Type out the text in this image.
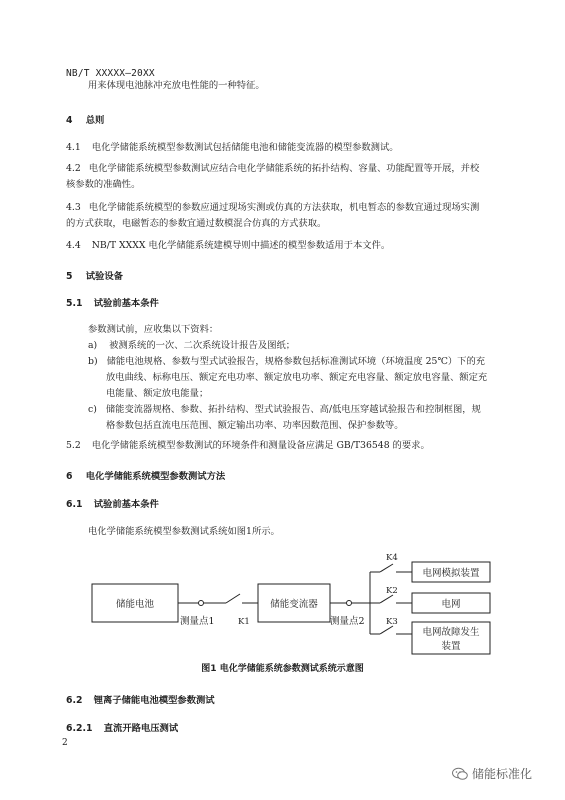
NB/T XXXXX—20XX
用来体现电池脉冲充放电性能的一种特征。
4 总则
4.1 电化学储能系统模型参数测试包括储能电池和储能变流器的模型参数测试。
4.2 电化学储能系统模型参数测试应结合电化学储能系统的拓扑结构、容量、功能配置等开展，并校
核参数的准确性。
4.3 电化学储能系统模型的参数应通过现场实测或仿真的方法获取，机电暂态的参数宜通过现场实测
的方式获取，电磁暂态的参数宜通过数模混合仿真的方式获取。
4.4 NB/T XXXX 电化学储能系统建模导则中描述的模型参数适用于本文件。
5 试验设备
5.1 试验前基本条件
参数测试前，应收集以下资料：
a) 被测系统的一次、二次系统设计报告及图纸；
b) 储能电池规格、参数与型式试验报告，规格参数包括标准测试环境（环境温度 25℃）下的充
放电曲线、标称电压、额定充电功率、额定放电功率、额定充电容量、额定放电容量、额定充
电能量、额定放电能量；
c) 储能变流器规格、参数、拓扑结构、型式试验报告、高/低电压穿越试验报告和控制框图，规
格参数包括直流电压范围、额定输出功率、功率因数范围、保护参数等。
5.2 电化学储能系统模型参数测试的环境条件和测量设备应满足 GB/T36548 的要求。
6 电化学储能系统模型参数测试方法
6.1 试验前基本条件
电化学储能系统模型参数测试系统如图1所示。
储能电池	储能变流器
测量点1	测量点2
K1
K4
K2
K3
电网模拟装置
电网
电网故障发生
装置
图1 电化学储能系统参数测试系统示意图
6.2 锂离子储能电池模型参数测试
6.2.1 直流开路电压测试
2
储能标准化
